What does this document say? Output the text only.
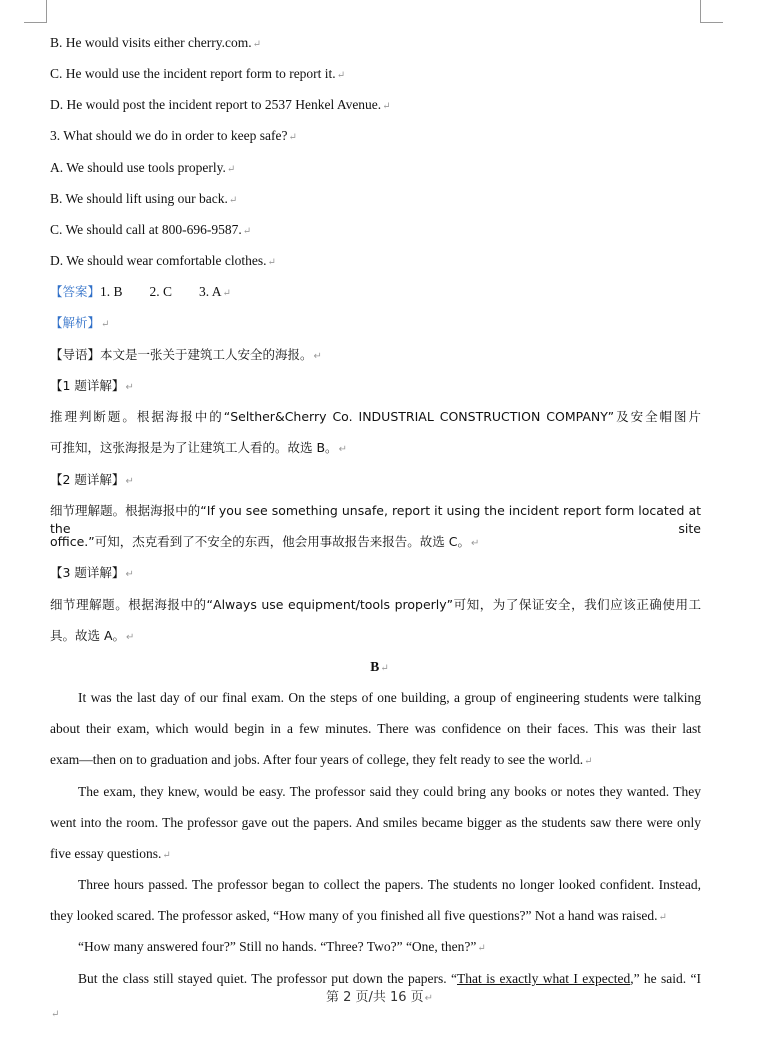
B. He would visits either cherry.com.↵
C. He would use the incident report form to report it.↵
D. He would post the incident report to 2537 Henkel Avenue.↵
3. What should we do in order to keep safe?↵
A. We should use tools properly.↵
B. We should lift using our back.↵
C. We should call at 800-696-9587.↵
D. We should wear comfortable clothes.↵
【答案】1. B　　2. C　　3. A↵
【解析】↵
【导语】本文是一张关于建筑工人安全的海报。↵
【1 题详解】↵
推理判断题。根据海报中的“Selther&Cherry Co. INDUSTRIAL CONSTRUCTION COMPANY”及安全帽图片
可推知，这张海报是为了让建筑工人看的。故选 B。↵
【2 题详解】↵
细节理解题。根据海报中的“If you see something unsafe, report it using the incident report form located at the site
office.”可知，杰克看到了不安全的东西，他会用事故报告来报告。故选 C。↵
【3 题详解】↵
细节理解题。根据海报中的“Always use equipment/tools properly”可知，为了保证安全，我们应该正确使用工
具。故选 A。↵
B↵
It was the last day of our final exam. On the steps of one building, a group of engineering students were talking
about their exam, which would begin in a few minutes. There was confidence on their faces. This was their last
exam—then on to graduation and jobs. After four years of college, they felt ready to see the world.↵
The exam, they knew, would be easy. The professor said they could bring any books or notes they wanted. They
went into the room. The professor gave out the papers. And smiles became bigger as the students saw there were only
five essay questions.↵
Three hours passed. The professor began to collect the papers. The students no longer looked confident. Instead,
they looked scared. The professor asked, “How many of you finished all five questions?” Not a hand was raised.↵
“How many answered four?” Still no hands. “Three? Two?” “One, then?”↵
But the class still stayed quiet. The professor put down the papers. “That is exactly what I expected,” he said. “I
第 2 页/共 16 页↵
↵
